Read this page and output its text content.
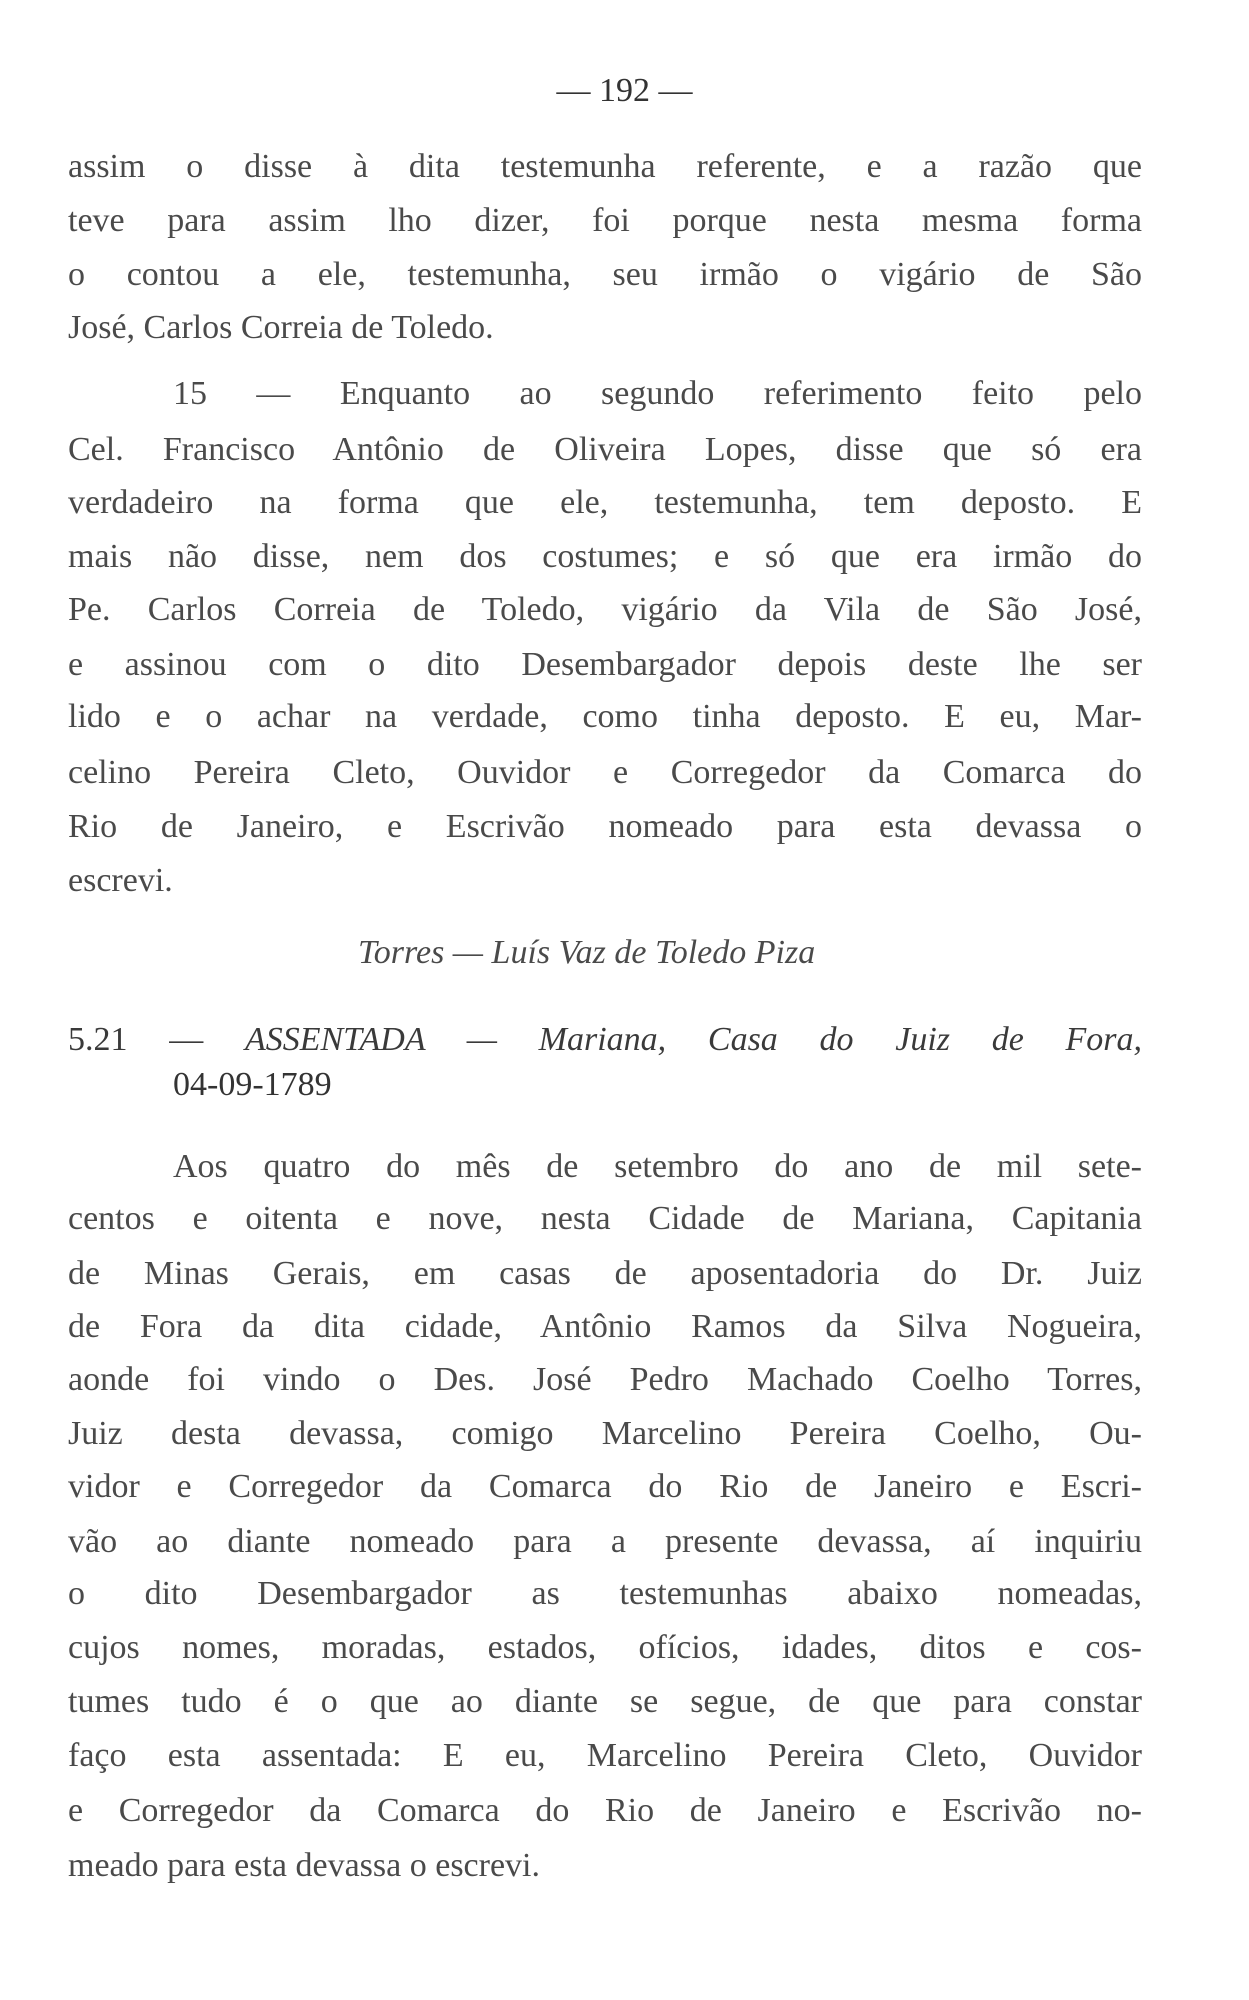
— 192 —
assim o disse à dita testemunha referente, e a razão que
teve para assim lho dizer, foi porque nesta mesma forma
o contou a ele, testemunha, seu irmão o vigário de São
José, Carlos Correia de Toledo.
15 — Enquanto ao segundo referimento feito pelo
Cel. Francisco Antônio de Oliveira Lopes, disse que só era
verdadeiro na forma que ele, testemunha, tem deposto. E
mais não disse, nem dos costumes; e só que era irmão do
Pe. Carlos Correia de Toledo, vigário da Vila de São José,
e assinou com o dito Desembargador depois deste lhe ser
lido e o achar na verdade, como tinha deposto. E eu, Mar-
celino Pereira Cleto, Ouvidor e Corregedor da Comarca do
Rio de Janeiro, e Escrivão nomeado para esta devassa o
escrevi.
Aos quatro do mês de setembro do ano de mil sete-
centos e oitenta e nove, nesta Cidade de Mariana, Capitania
de Minas Gerais, em casas de aposentadoria do Dr. Juiz
de Fora da dita cidade, Antônio Ramos da Silva Nogueira,
aonde foi vindo o Des. José Pedro Machado Coelho Torres,
Juiz desta devassa, comigo Marcelino Pereira Coelho, Ou-
vidor e Corregedor da Comarca do Rio de Janeiro e Escri-
vão ao diante nomeado para a presente devassa, aí inquiriu
o dito Desembargador as testemunhas abaixo nomeadas,
cujos nomes, moradas, estados, ofícios, idades, ditos e cos-
tumes tudo é o que ao diante se segue, de que para constar
faço esta assentada: E eu, Marcelino Pereira Cleto, Ouvidor
e Corregedor da Comarca do Rio de Janeiro e Escrivão no-
meado para esta devassa o escrevi.
Torres — Luís Vaz de Toledo Piza
5.21 — ASSENTADA — Mariana, Casa do Juiz de Fora,
04-09-1789
